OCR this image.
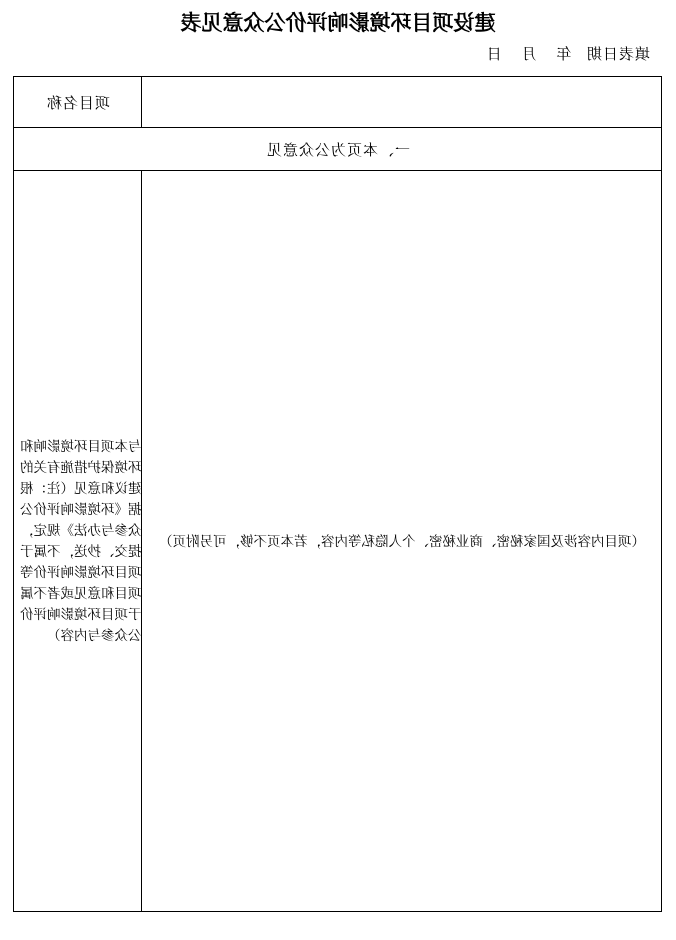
建设项目环境影响评价公众意见表
填表日期 年 月 日
	项目名称
一、本页为公众意见	
（项目内容涉及国家秘密、商业秘密、个人隐私等内容，若本页不够，可另附页）	与本项目环境影响和环境保护措施有关的建议和意见（注：根据《环境影响评价公众参与办法》规定，提交、抄送，不属于项目环境影响评价等项目和意见或者不属于项目环境影响评价公众参与内容）
